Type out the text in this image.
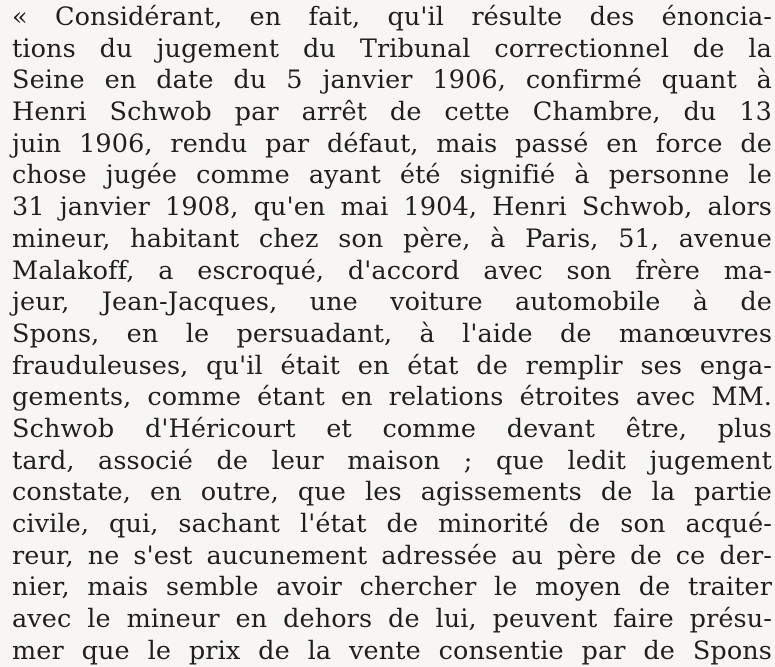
« Considérant, en fait, qu'il résulte des énoncia-
tions du jugement du Tribunal correctionnel de la
Seine en date du 5 janvier 1906, confirmé quant à
Henri Schwob par arrêt de cette Chambre, du 13
juin 1906, rendu par défaut, mais passé en force de
chose jugée comme ayant été signifié à personne le
31 janvier 1908, qu'en mai 1904, Henri Schwob, alors
mineur, habitant chez son père, à Paris, 51, avenue
Malakoff, a escroqué, d'accord avec son frère ma-
jeur, Jean-Jacques, une voiture automobile à de
Spons, en le persuadant, à l'aide de manœuvres
frauduleuses, qu'il était en état de remplir ses enga-
gements, comme étant en relations étroites avec MM.
Schwob d'Héricourt et comme devant être, plus
tard, associé de leur maison ; que ledit jugement
constate, en outre, que les agissements de la partie
civile, qui, sachant l'état de minorité de son acqué-
reur, ne s'est aucunement adressée au père de ce der-
nier, mais semble avoir chercher le moyen de traiter
avec le mineur en dehors de lui, peuvent faire présu-
mer que le prix de la vente consentie par de Spons
